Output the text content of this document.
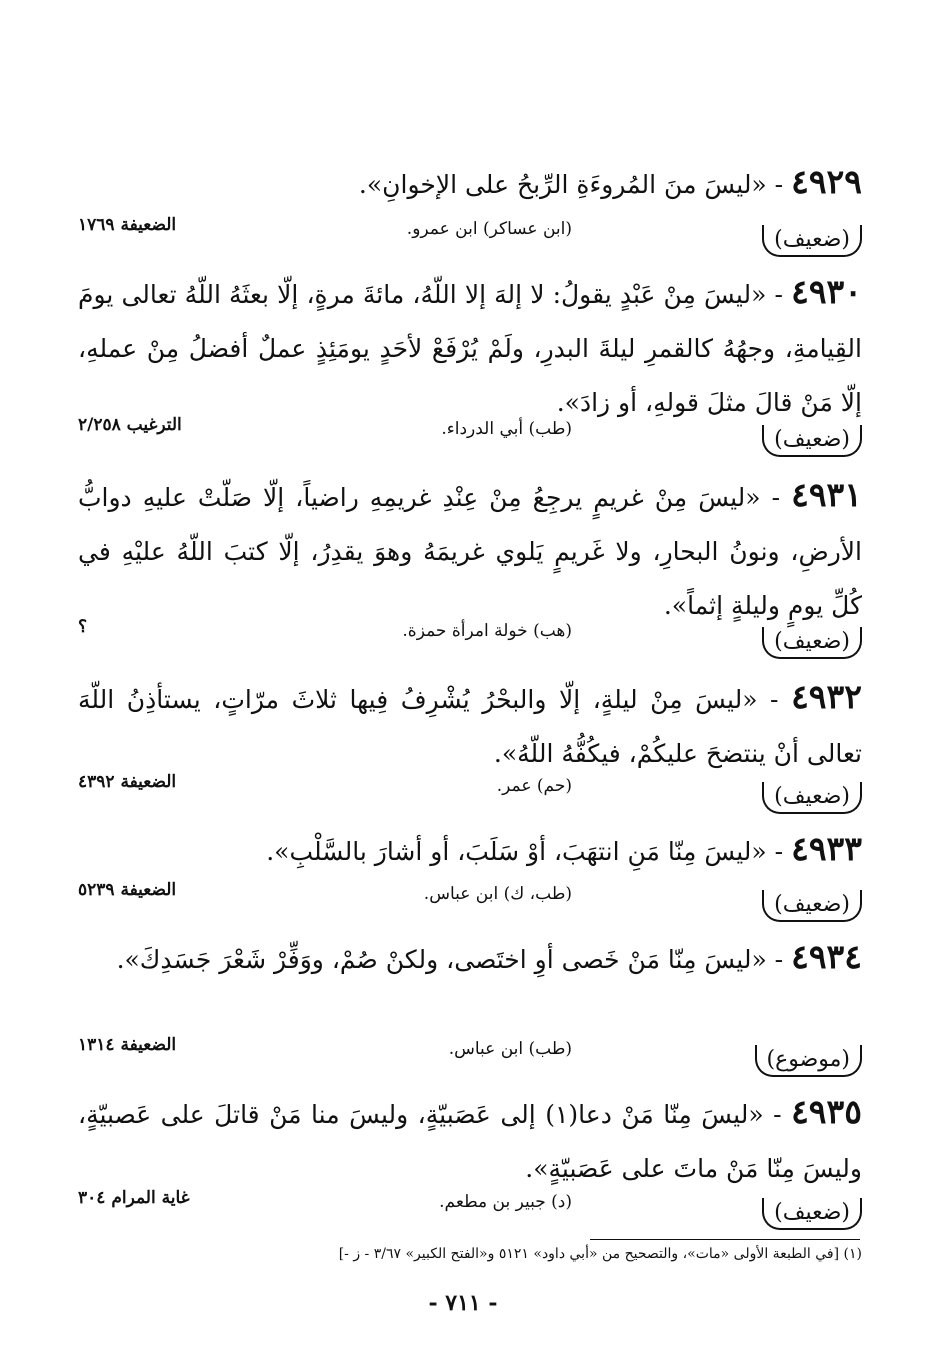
٤٩٢٩ - «ليسَ منَ المُروءَةِ الرِّبحُ على الإخوانِ».
(ضعيف)
(ابن عساكر) ابن عمرو.
الضعيفة ١٧٦٩
٤٩٣٠ - «ليسَ مِنْ عَبْدٍ يقولُ: لا إلهَ إلا اللّهُ، مائةَ مرةٍ، إلّا بعثَهُ اللّهُ تعالى يومَ القِيامةِ، وجهُهُ كالقمرِ ليلةَ البدرِ، ولَمْ يُرْفَعْ لأحَدٍ يومَئِذٍ عملٌ أفضلُ مِنْ عملهِ، إلّا مَنْ قالَ مثلَ قولهِ، أو زادَ».
(ضعيف)
(طب) أبي الدرداء.
الترغيب ٢/٢٥٨
٤٩٣١ - «ليسَ مِنْ غريمٍ يرجِعُ مِنْ عِنْدِ غريمِهِ راضياً، إلّا صَلّتْ عليهِ دوابُّ الأرضِ، ونونُ البحارِ، ولا غَريمٍ يَلوي غريمَهُ وهوَ يقدِرُ، إلّا كتبَ اللّهُ عليْهِ في كُلِّ يومٍ وليلةٍ إثماً».
(ضعيف)
(هب) خولة امرأة حمزة.
؟
٤٩٣٢ - «ليسَ مِنْ ليلةٍ، إلّا والبحْرُ يُشْرِفُ فِيها ثلاثَ مرّاتٍ، يستأذِنُ اللّهَ تعالى أنْ ينتضحَ عليكُمْ، فيكُفُّهُ اللّهُ».
(ضعيف)
(حم) عمر.
الضعيفة ٤٣٩٢
٤٩٣٣ - «ليسَ مِنّا مَنِ انتهَبَ، أوْ سَلَبَ، أو أشارَ بالسَّلْبِ».
(ضعيف)
(طب، ك) ابن عباس.
الضعيفة ٥٢٣٩
٤٩٣٤ - «ليسَ مِنّا مَنْ خَصى أوِ اختَصى، ولكنْ صُمْ، ووَفِّرْ شَعْرَ جَسَدِكَ».
(موضوع)
(طب) ابن عباس.
الضعيفة ١٣١٤
٤٩٣٥ - «ليسَ مِنّا مَنْ دعا(١) إلى عَصَبيّةٍ، وليسَ منا مَنْ قاتلَ على عَصبيّةٍ، وليسَ مِنّا مَنْ ماتَ على عَصَبيّةٍ».
(ضعيف)
(د) جبير بن مطعم.
غاية المرام ٣٠٤
(١) [في الطبعة الأولى «مات»، والتصحيح من «أبي داود» ٥١٢١ و«الفتح الكبير» ٣/٦٧ - ز -]
- ٧١١ -
